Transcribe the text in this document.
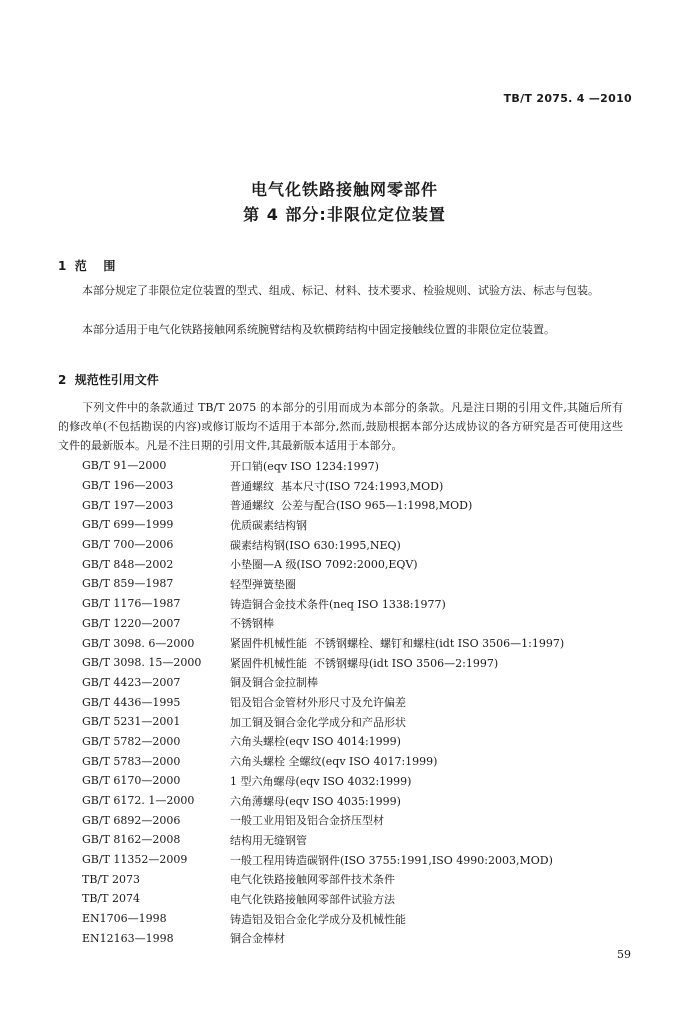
TB/T 2075. 4 —2010
电气化铁路接触网零部件
第 4 部分:非限位定位装置
1  范    围
本部分规定了非限位定位装置的型式、组成、标记、材料、技术要求、检验规则、试验方法、标志与包装。
本部分适用于电气化铁路接触网系统腕臂结构及软横跨结构中固定接触线位置的非限位定位装置。
2  规范性引用文件
下列文件中的条款通过 TB/T 2075 的本部分的引用而成为本部分的条款。凡是注日期的引用文件,其随后所有的修改单(不包括勘误的内容)或修订版均不适用于本部分,然而,鼓励根据本部分达成协议的各方研究是否可使用这些文件的最新版本。凡是不注日期的引用文件,其最新版本适用于本部分。
GB/T 91—2000	开口销(eqv ISO 1234:1997)
GB/T 196—2003	普通螺纹  基本尺寸(ISO 724:1993,MOD)
GB/T 197—2003	普通螺纹  公差与配合(ISO 965—1:1998,MOD)
GB/T 699—1999	优质碳素结构钢
GB/T 700—2006	碳素结构钢(ISO 630:1995,NEQ)
GB/T 848—2002	小垫圈—A 级(ISO 7092:2000,EQV)
GB/T 859—1987	轻型弹簧垫圈
GB/T 1176—1987	铸造铜合金技术条件(neq ISO 1338:1977)
GB/T 1220—2007	不锈钢棒
GB/T 3098. 6—2000	紧固件机械性能  不锈钢螺栓、螺钉和螺柱(idt ISO 3506—1:1997)
GB/T 3098. 15—2000	紧固件机械性能  不锈钢螺母(idt ISO 3506—2:1997)
GB/T 4423—2007	铜及铜合金拉制棒
GB/T 4436—1995	铝及铝合金管材外形尺寸及允许偏差
GB/T 5231—2001	加工铜及铜合金化学成分和产品形状
GB/T 5782—2000	六角头螺栓(eqv ISO 4014:1999)
GB/T 5783—2000	六角头螺栓 全螺纹(eqv ISO 4017:1999)
GB/T 6170—2000	1 型六角螺母(eqv ISO 4032:1999)
GB/T 6172. 1—2000	六角薄螺母(eqv ISO 4035:1999)
GB/T 6892—2006	一般工业用铝及铝合金挤压型材
GB/T 8162—2008	结构用无缝钢管
GB/T 11352—2009	一般工程用铸造碳钢件(ISO 3755:1991,ISO 4990:2003,MOD)
TB/T 2073	电气化铁路接触网零部件技术条件
TB/T 2074	电气化铁路接触网零部件试验方法
EN1706—1998	铸造铝及铝合金化学成分及机械性能
EN12163—1998	铜合金棒材
59
